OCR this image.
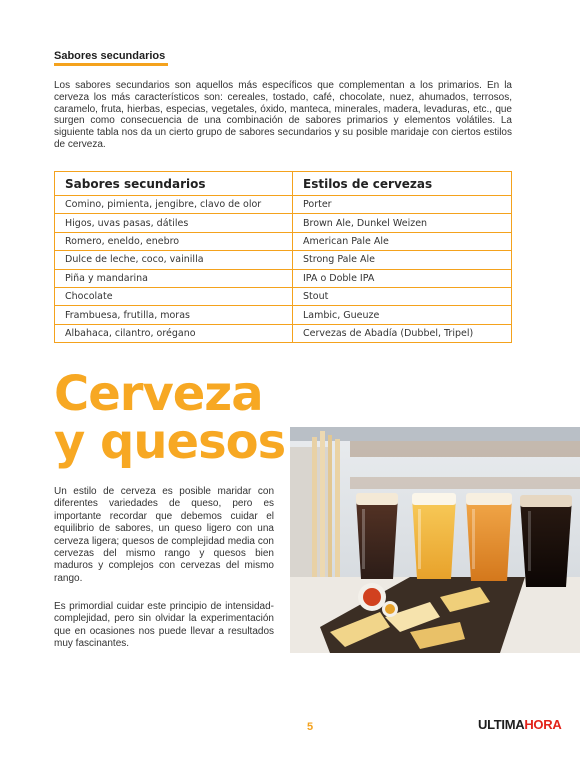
Sabores secundarios

Los sabores secundarios son aquellos más específicos que complementan a los primarios. En la cerveza los más característicos son: cereales, tostado, café, chocolate, nuez, ahumados, terrosos, caramelo, fruta, hierbas, especias, vegetales, óxido, manteca, minerales, madera, levaduras, etc., que surgen como consecuencia de una combinación de sabores primarios y elementos volátiles. La siguiente tabla nos da un cierto grupo de sabores secundarios y su posible maridaje con ciertos estilos de cerveza.

Sabores secundarios	Estilos de cervezas
Comino, pimienta, jengibre, clavo de olor	Porter
Higos, uvas pasas, dátiles	Brown Ale, Dunkel Weizen
Romero, eneldo, enebro	American Pale Ale
Dulce de leche, coco, vainilla	Strong Pale Ale
Piña y mandarina	IPA o Doble IPA
Chocolate	Stout
Frambuesa, frutilla, moras	Lambic, Gueuze
Albahaca, cilantro, orégano	Cervezas de Abadía (Dubbel, Tripel)
Cerveza
y quesos

Un estilo de cerveza es posible maridar con diferentes variedades de queso, pero es importante recordar que debemos cuidar el equilibrio de sabores, un queso ligero con una cerveza ligera; quesos de complejidad media con cervezas del mismo rango y quesos bien maduros y complejos con cervezas del mismo rango.

Es primordial cuidar este principio de intensidad-complejidad, pero sin olvidar la experimentación que en ocasiones nos puede llevar a resultados muy fascinantes.

5	ULTIMAHORA
